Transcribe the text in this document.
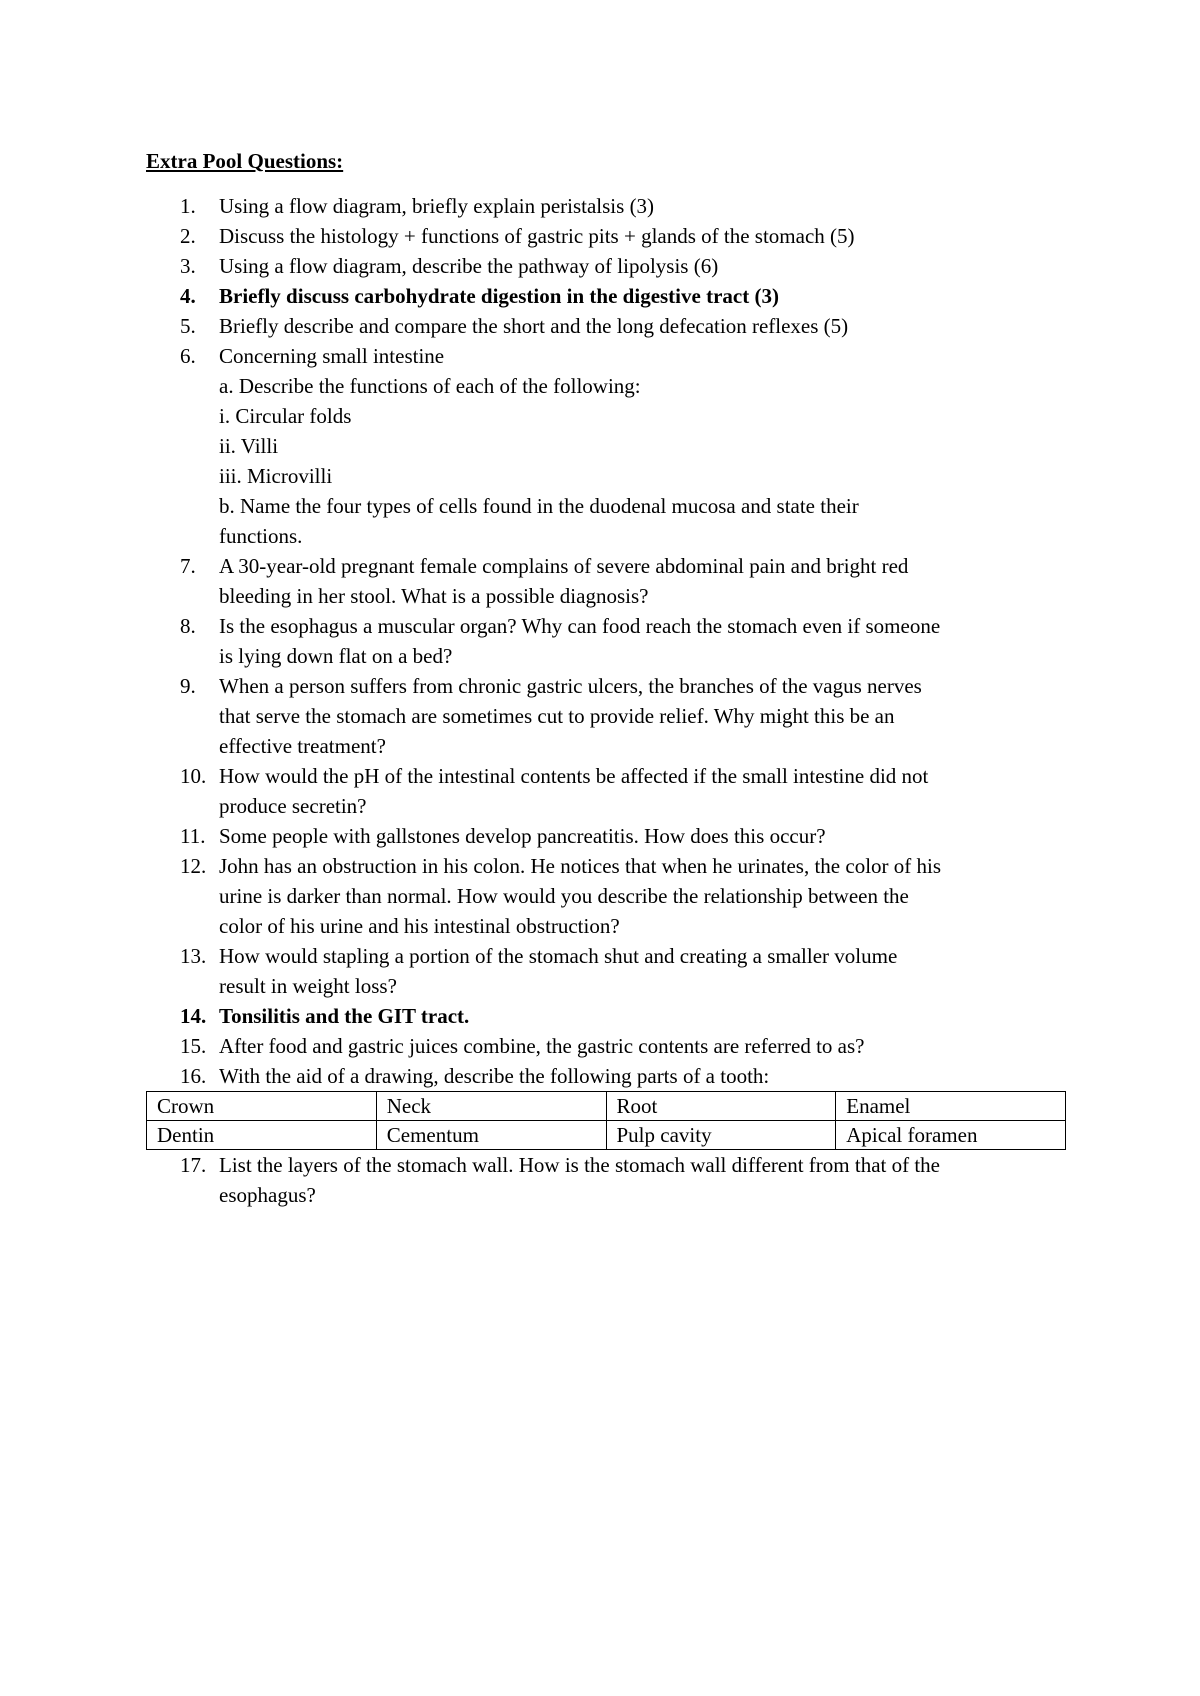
Extra Pool Questions:
1. Using a flow diagram, briefly explain peristalsis (3)
2. Discuss the histology + functions of gastric pits + glands of the stomach (5)
3. Using a flow diagram, describe the pathway of lipolysis (6)
4. Briefly discuss carbohydrate digestion in the digestive tract (3)
5. Briefly describe and compare the short and the long defecation reflexes (5)
6. Concerning small intestine
a. Describe the functions of each of the following:
i. Circular folds
ii. Villi
iii. Microvilli
b. Name the four types of cells found in the duodenal mucosa and state their
functions.
7. A 30-year-old pregnant female complains of severe abdominal pain and bright red
bleeding in her stool. What is a possible diagnosis?
8. Is the esophagus a muscular organ? Why can food reach the stomach even if someone
is lying down flat on a bed?
9. When a person suffers from chronic gastric ulcers, the branches of the vagus nerves
that serve the stomach are sometimes cut to provide relief. Why might this be an
effective treatment?
10. How would the pH of the intestinal contents be affected if the small intestine did not
produce secretin?
11. Some people with gallstones develop pancreatitis. How does this occur?
12. John has an obstruction in his colon. He notices that when he urinates, the color of his
urine is darker than normal. How would you describe the relationship between the
color of his urine and his intestinal obstruction?
13. How would stapling a portion of the stomach shut and creating a smaller volume
result in weight loss?
14. Tonsilitis and the GIT tract.
15. After food and gastric juices combine, the gastric contents are referred to as?
16. With the aid of a drawing, describe the following parts of a tooth:
Crown	Neck	Root	Enamel
Dentin	Cementum	Pulp cavity	Apical foramen
17. List the layers of the stomach wall. How is the stomach wall different from that of the
esophagus?
